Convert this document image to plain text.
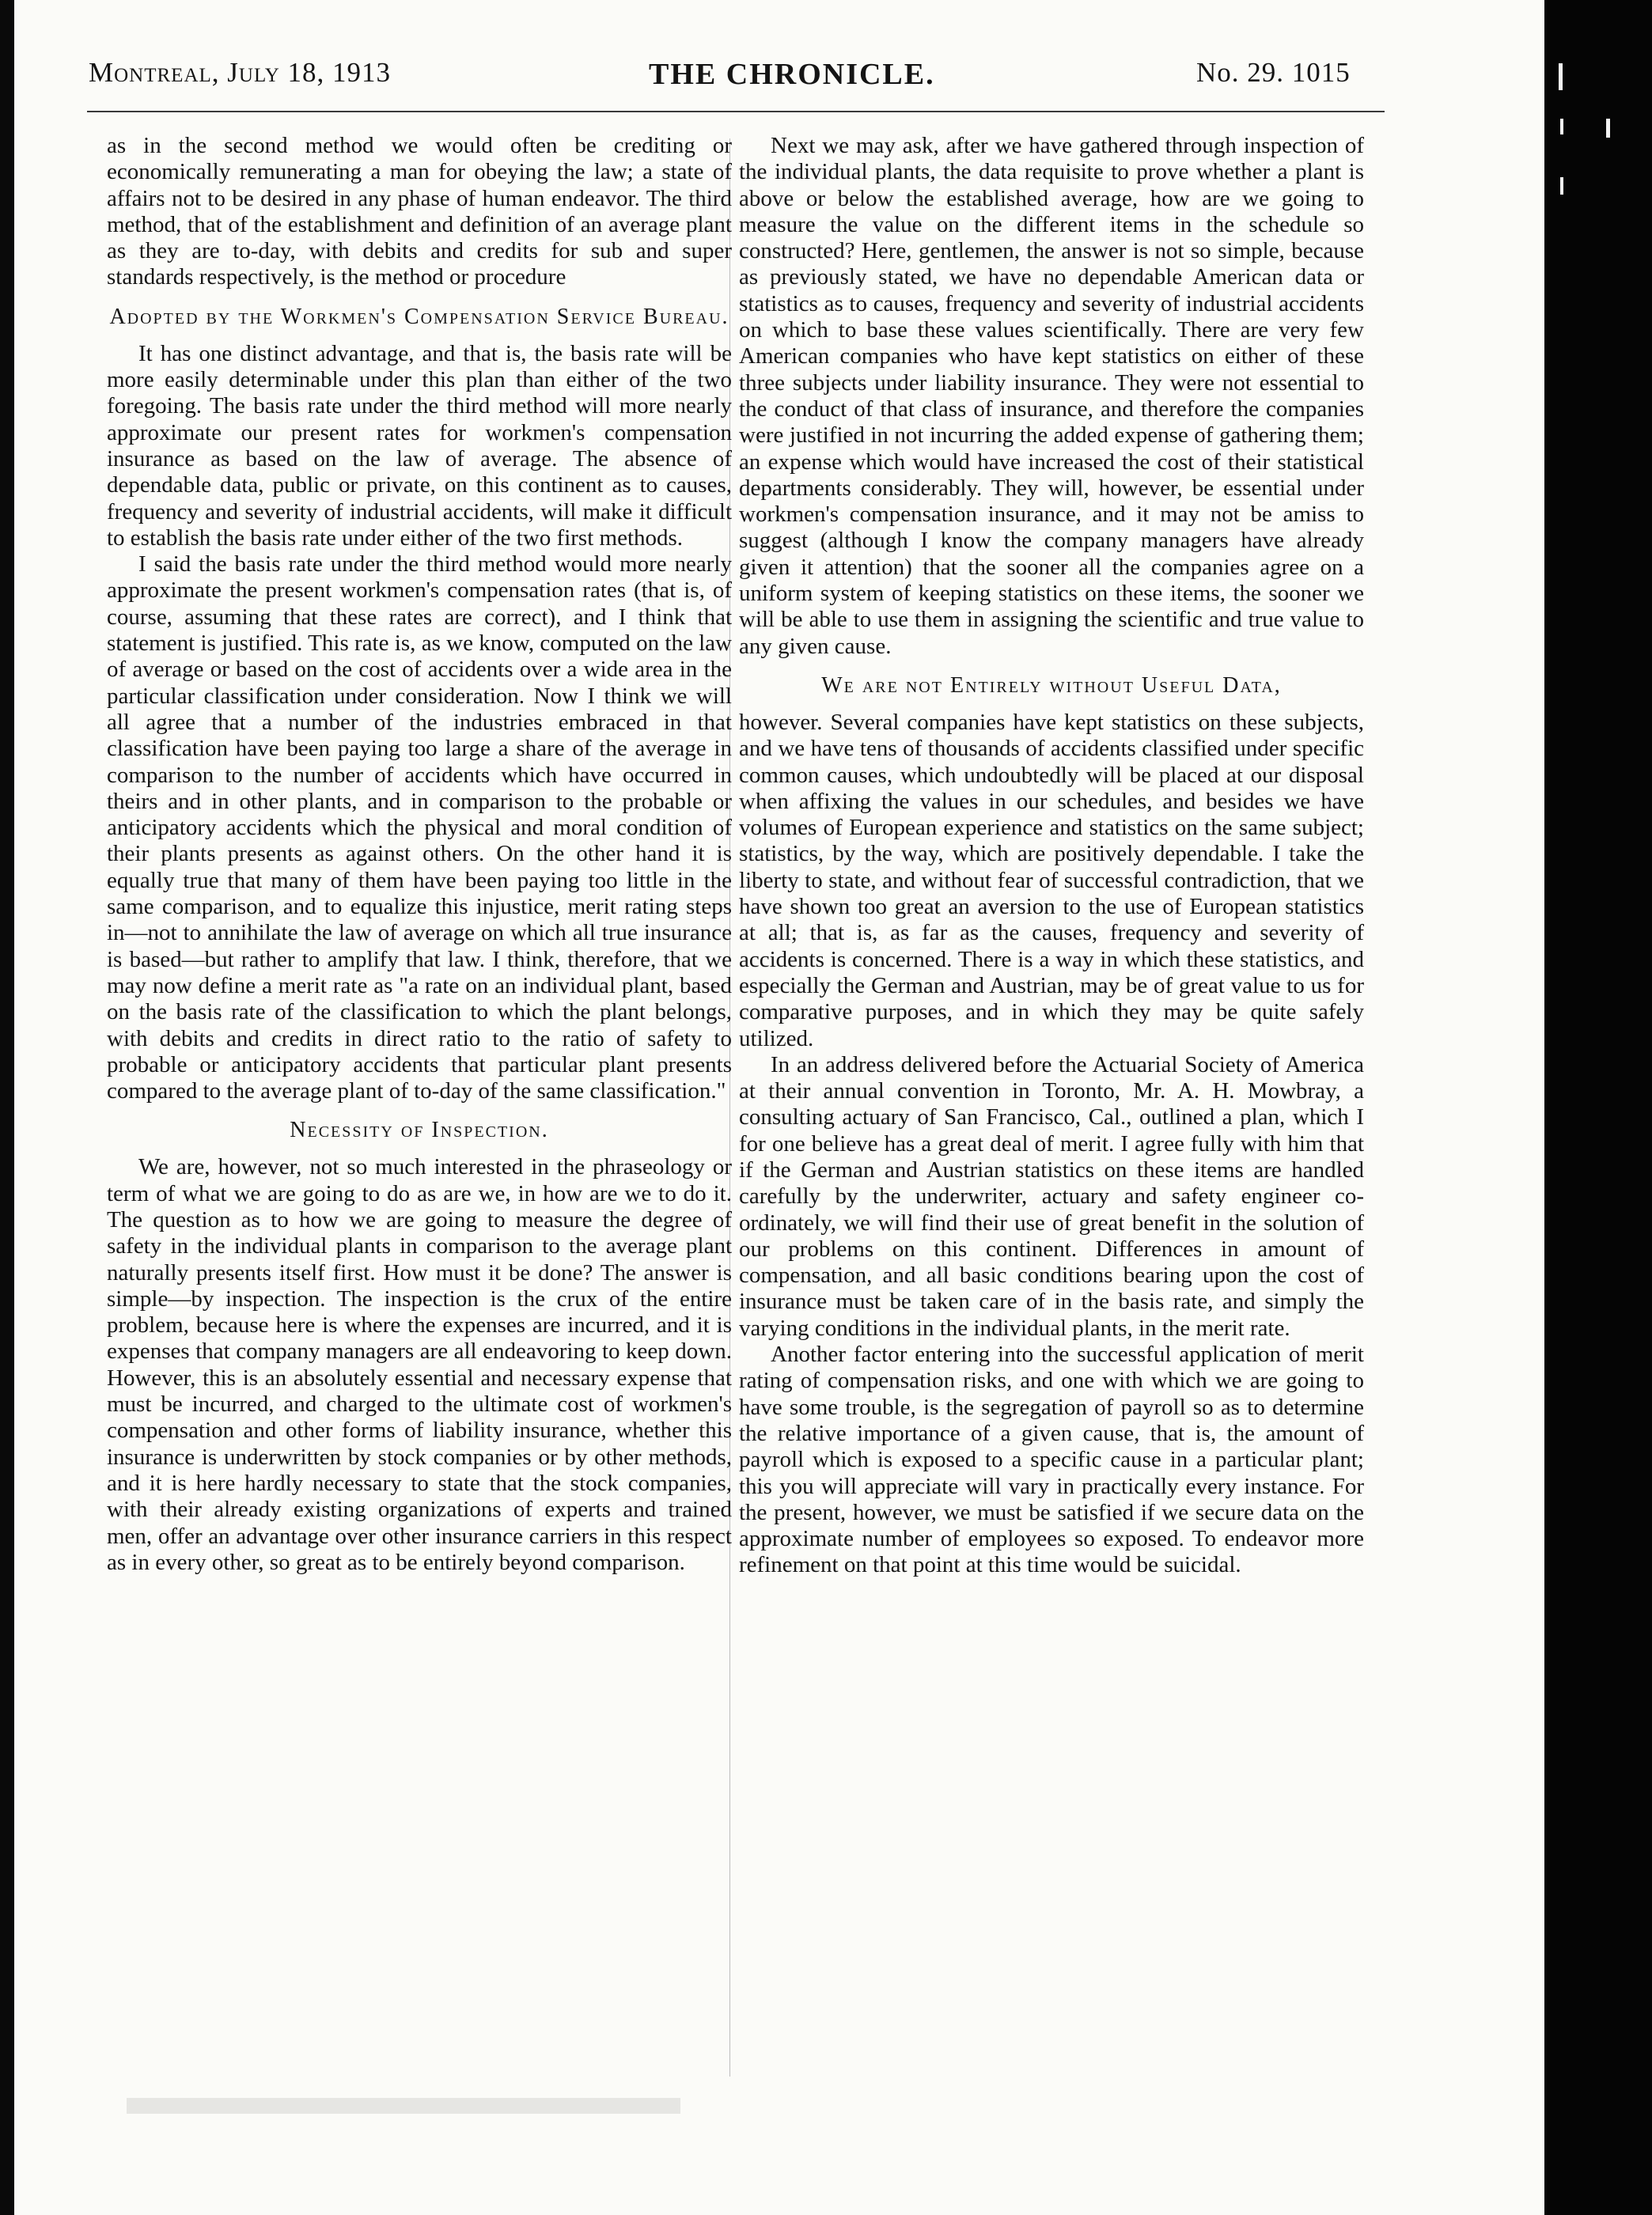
Montreal, July 18, 1913	THE CHRONICLE.	No. 29. 1015

as in the second method we would often be crediting or economically remunerating a man for obeying the law; a state of affairs not to be desired in any phase of human endeavor. The third method, that of the establishment and definition of an average plant as they are to-day, with debits and credits for sub and super standards respectively, is the method or procedure

Adopted by the Workmen's Compensation Service Bureau.

It has one distinct advantage, and that is, the basis rate will be more easily determinable under this plan than either of the two foregoing. The basis rate under the third method will more nearly approximate our present rates for workmen's compensation insurance as based on the law of average. The absence of dependable data, public or private, on this continent as to causes, frequency and severity of industrial accidents, will make it difficult to establish the basis rate under either of the two first methods.

I said the basis rate under the third method would more nearly approximate the present workmen's compensation rates (that is, of course, assuming that these rates are correct), and I think that statement is justified. This rate is, as we know, computed on the law of average or based on the cost of accidents over a wide area in the particular classification under consideration. Now I think we will all agree that a number of the industries embraced in that classification have been paying too large a share of the average in comparison to the number of accidents which have occurred in theirs and in other plants, and in comparison to the probable or anticipatory accidents which the physical and moral condition of their plants presents as against others. On the other hand it is equally true that many of them have been paying too little in the same comparison, and to equalize this injustice, merit rating steps in—not to annihilate the law of average on which all true insurance is based—but rather to amplify that law. I think, therefore, that we may now define a merit rate as "a rate on an individual plant, based on the basis rate of the classification to which the plant belongs, with debits and credits in direct ratio to the ratio of safety to probable or anticipatory accidents that particular plant presents compared to the average plant of to-day of the same classification."

Necessity of Inspection.

We are, however, not so much interested in the phraseology or term of what we are going to do as are we, in how are we to do it. The question as to how we are going to measure the degree of safety in the individual plants in comparison to the average plant naturally presents itself first. How must it be done? The answer is simple—by inspection. The inspection is the crux of the entire problem, because here is where the expenses are incurred, and it is expenses that company managers are all endeavoring to keep down. However, this is an absolutely essential and necessary expense that must be incurred, and charged to the ultimate cost of workmen's compensation and other forms of liability insurance, whether this insurance is underwritten by stock companies or by other methods, and it is here hardly necessary to state that the stock companies, with their already existing organizations of experts and trained men, offer an advantage over other insurance carriers in this respect as in every other, so great as to be entirely beyond comparison.

Next we may ask, after we have gathered through inspection of the individual plants, the data requisite to prove whether a plant is above or below the established average, how are we going to measure the value on the different items in the schedule so constructed? Here, gentlemen, the answer is not so simple, because as previously stated, we have no dependable American data or statistics as to causes, frequency and severity of industrial accidents on which to base these values scientifically. There are very few American companies who have kept statistics on either of these three subjects under liability insurance. They were not essential to the conduct of that class of insurance, and therefore the companies were justified in not incurring the added expense of gathering them; an expense which would have increased the cost of their statistical departments considerably. They will, however, be essential under workmen's compensation insurance, and it may not be amiss to suggest (although I know the company managers have already given it attention) that the sooner all the companies agree on a uniform system of keeping statistics on these items, the sooner we will be able to use them in assigning the scientific and true value to any given cause.

We are not Entirely without Useful Data,

however. Several companies have kept statistics on these subjects, and we have tens of thousands of accidents classified under specific common causes, which undoubtedly will be placed at our disposal when affixing the values in our schedules, and besides we have volumes of European experience and statistics on the same subject; statistics, by the way, which are positively dependable. I take the liberty to state, and without fear of successful contradiction, that we have shown too great an aversion to the use of European statistics at all; that is, as far as the causes, frequency and severity of accidents is concerned. There is a way in which these statistics, and especially the German and Austrian, may be of great value to us for comparative purposes, and in which they may be quite safely utilized.

In an address delivered before the Actuarial Society of America at their annual convention in Toronto, Mr. A. H. Mowbray, a consulting actuary of San Francisco, Cal., outlined a plan, which I for one believe has a great deal of merit. I agree fully with him that if the German and Austrian statistics on these items are handled carefully by the underwriter, actuary and safety engineer co-ordinately, we will find their use of great benefit in the solution of our problems on this continent. Differences in amount of compensation, and all basic conditions bearing upon the cost of insurance must be taken care of in the basis rate, and simply the varying conditions in the individual plants, in the merit rate.

Another factor entering into the successful application of merit rating of compensation risks, and one with which we are going to have some trouble, is the segregation of payroll so as to determine the relative importance of a given cause, that is, the amount of payroll which is exposed to a specific cause in a particular plant; this you will appreciate will vary in practically every instance. For the present, however, we must be satisfied if we secure data on the approximate number of employees so exposed. To endeavor more refinement on that point at this time would be suicidal.
